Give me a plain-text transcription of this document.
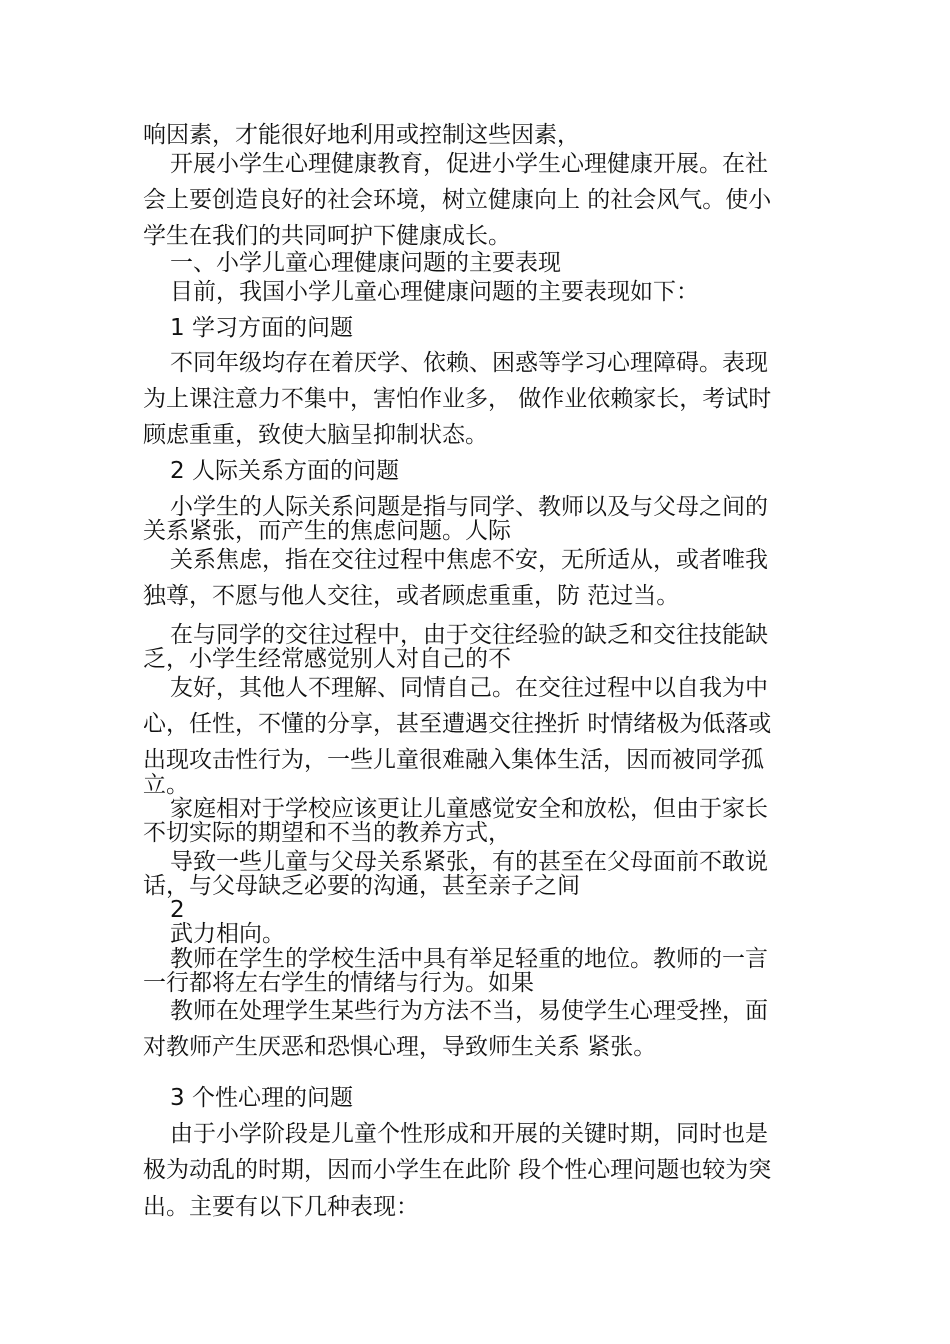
响因素，才能很好地利用或控制这些因素，
开展小学生心理健康教育，促进小学生心理健康开展。在社
会上要创造良好的社会环境，树立健康向上 的社会风气。使小
学生在我们的共同呵护下健康成长。
一、小学儿童心理健康问题的主要表现
目前，我国小学儿童心理健康问题的主要表现如下：
1 学习方面的问题
不同年级均存在着厌学、依赖、困惑等学习心理障碍。表现
为上课注意力不集中，害怕作业多， 做作业依赖家长，考试时
顾虑重重，致使大脑呈抑制状态。
2 人际关系方面的问题
小学生的人际关系问题是指与同学、教师以及与父母之间的
关系紧张，而产生的焦虑问题。人际
关系焦虑，指在交往过程中焦虑不安，无所适从，或者唯我
独尊，不愿与他人交往，或者顾虑重重，防 范过当。
在与同学的交往过程中，由于交往经验的缺乏和交往技能缺
乏，小学生经常感觉别人对自己的不
友好，其他人不理解、同情自己。在交往过程中以自我为中
心，任性，不懂的分享，甚至遭遇交往挫折 时情绪极为低落或
出现攻击性行为，一些儿童很难融入集体生活，因而被同学孤
立。
家庭相对于学校应该更让儿童感觉安全和放松，但由于家长
不切实际的期望和不当的教养方式，
导致一些儿童与父母关系紧张，有的甚至在父母面前不敢说
话，与父母缺乏必要的沟通，甚至亲子之间
2
武力相向。
教师在学生的学校生活中具有举足轻重的地位。教师的一言
一行都将左右学生的情绪与行为。如果
教师在处理学生某些行为方法不当，易使学生心理受挫，面
对教师产生厌恶和恐惧心理，导致师生关系 紧张。
3 个性心理的问题
由于小学阶段是儿童个性形成和开展的关键时期，同时也是
极为动乱的时期，因而小学生在此阶 段个性心理问题也较为突
出。主要有以下几种表现：
